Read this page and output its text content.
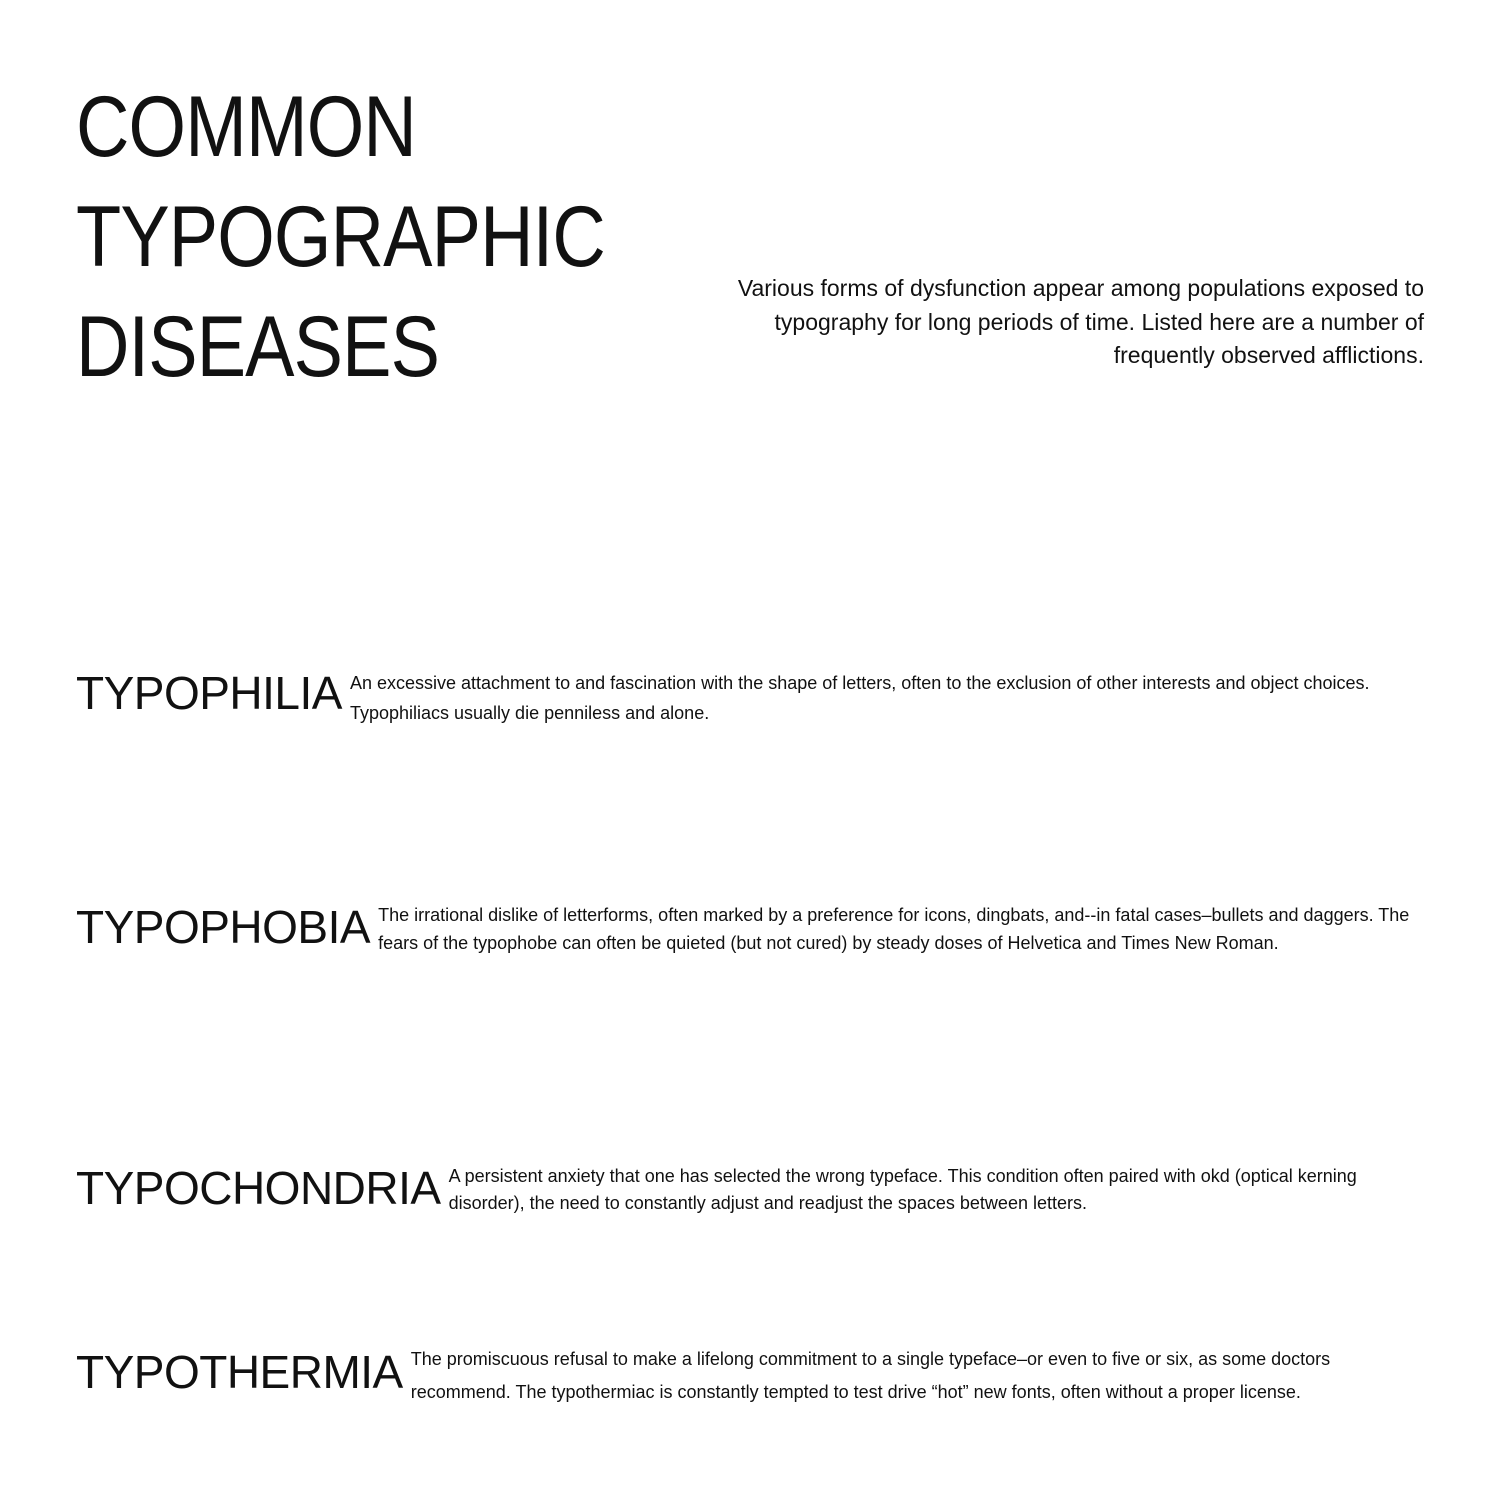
COMMON
TYPOGRAPHIC
DISEASES

Various forms of dysfunction appear among populations exposed to typography for long periods of time. Listed here are a number of frequently observed afflictions.

TYPOPHILIA An excessive attachment to and fascination with the shape of letters, often to the exclusion of other interests and object choices. Typophiliacs usually die penniless and alone.
TYPOPHOBIA The irrational dislike of letterforms, often marked by a preference for icons, dingbats, and--in fatal cases–bullets and daggers. The fears of the typophobe can often be quieted (but not cured) by steady doses of Helvetica and Times New Roman.
TYPOCHONDRIA A persistent anxiety that one has selected the wrong typeface. This condition often paired with okd (optical kerning disorder), the need to constantly adjust and readjust the spaces between letters.
TYPOTHERMIA The promiscuous refusal to make a lifelong commitment to a single typeface–or even to five or six, as some doctors recommend. The typothermiac is constantly tempted to test drive “hot” new fonts, often without a proper license.
